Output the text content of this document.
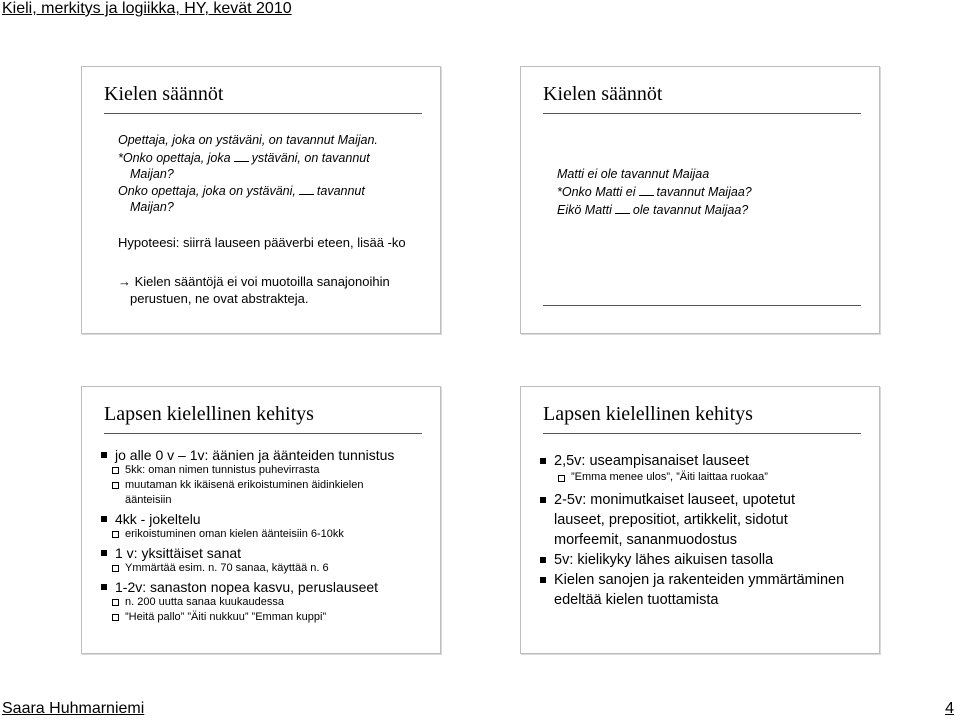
Kieli, merkitys ja logiikka, HY, kevät 2010
Kielen säännöt
Opettaja, joka on ystäväni, on tavannut Maijan.
*Onko opettaja, joka ystäväni, on tavannut
Maijan?
Onko opettaja, joka on ystäväni, tavannut
Maijan?
Hypoteesi: siirrä lauseen pääverbi eteen, lisää -ko
→ Kielen sääntöjä ei voi muotoilla sanajonoihin
perustuen, ne ovat abstrakteja.
Kielen säännöt
Matti ei ole tavannut Maijaa
*Onko Matti ei tavannut Maijaa?
Eikö Matti ole tavannut Maijaa?
Lapsen kielellinen kehitys
jo alle 0 v – 1v: äänien ja äänteiden tunnistus
5kk: oman nimen tunnistus puhevirrasta
muutaman kk ikäisenä erikoistuminen äidinkielen
äänteisiin
4kk - jokeltelu
erikoistuminen oman kielen äänteisiin 6-10kk
1 v: yksittäiset sanat
Ymmärtää esim. n. 70 sanaa, käyttää n. 6
1-2v: sanaston nopea kasvu, peruslauseet
n. 200 uutta sanaa kuukaudessa
”Heitä pallo” ”Äiti nukkuu” ”Emman kuppi”
Lapsen kielellinen kehitys
2,5v: useampisanaiset lauseet
”Emma menee ulos”, ”Äiti laittaa ruokaa”
2-5v: monimutkaiset lauseet, upotetut
lauseet, prepositiot, artikkelit, sidotut
morfeemit, sananmuodostus
5v: kielikyky lähes aikuisen tasolla
Kielen sanojen ja rakenteiden ymmärtäminen
edeltää kielen tuottamista
Saara Huhmarniemi	4
